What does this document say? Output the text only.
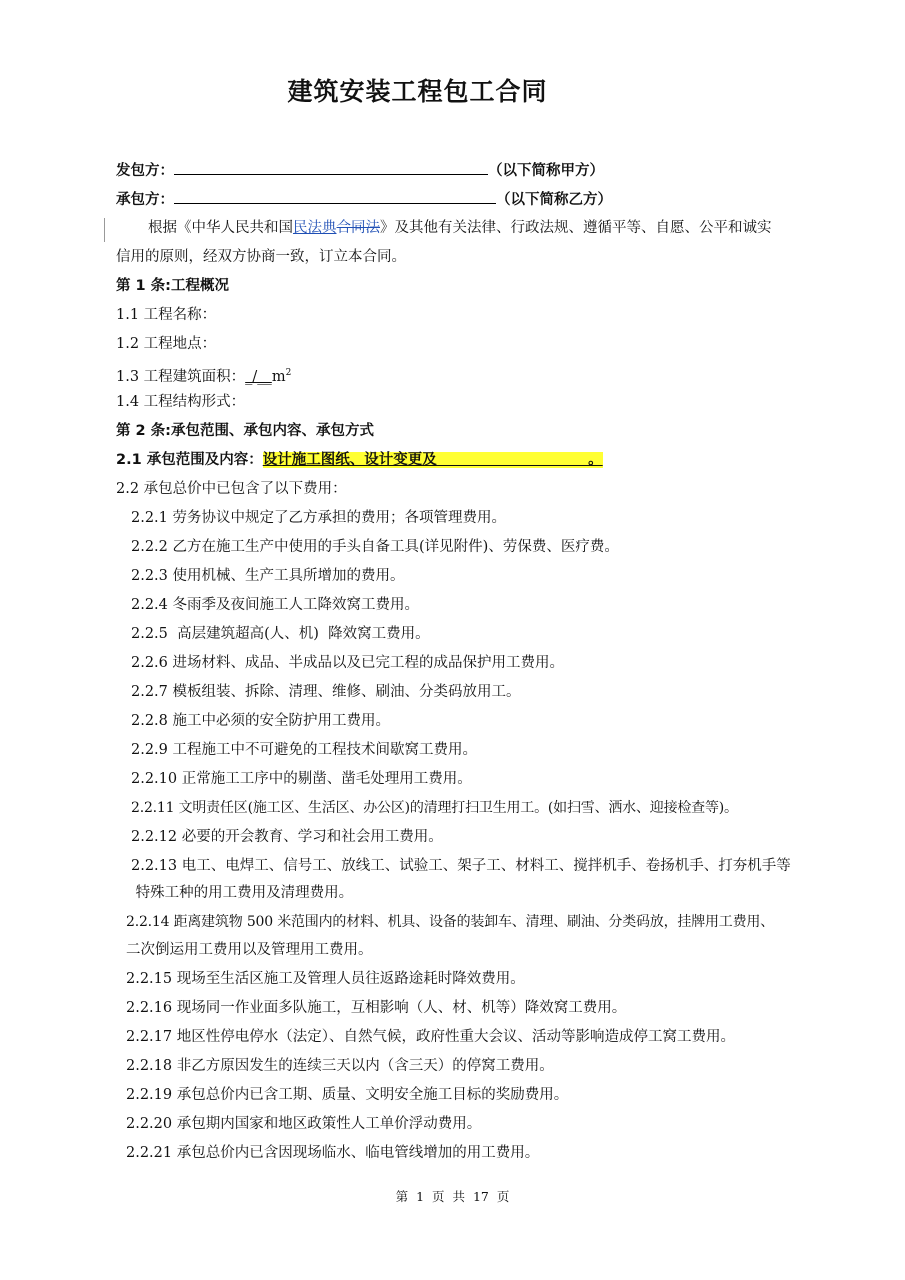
建筑安装工程包工合同
发包方：	（以下简称甲方）
承包方：	（以下简称乙方）
根据《中华人民共和国民法典合同法》及其他有关法律、行政法规、遵循平等、自愿、公平和诚实
信用的原则，经双方协商一致，订立本合同。
第 1 条:工程概况
1.1 工程名称：
1.2 工程地点：
1.3 工程建筑面积：$\_/\_\_m^2$
1.4 工程结构形式：
第 2 条:承包范围、承包内容、承包方式
2.1 承包范围及内容：设计施工图纸、设计变更及                              。
2.2 承包总价中已包含了以下费用：
2.2.1 劳务协议中规定了乙方承担的费用；各项管理费用。
2.2.2 乙方在施工生产中使用的手头自备工具(详见附件)、劳保费、医疗费。
2.2.3 使用机械、生产工具所增加的费用。
2.2.4 冬雨季及夜间施工人工降效窝工费用。
2.2.5  高层建筑超高(人、机)  降效窝工费用。
2.2.6 进场材料、成品、半成品以及已完工程的成品保护用工费用。
2.2.7 模板组装、拆除、清理、维修、刷油、分类码放用工。
2.2.8 施工中必须的安全防护用工费用。
2.2.9 工程施工中不可避免的工程技术间歇窝工费用。
2.2.10 正常施工工序中的剔凿、凿毛处理用工费用。
2.2.11 文明责任区(施工区、生活区、办公区)的清理打扫卫生用工。(如扫雪、洒水、迎接检查等)。
2.2.12 必要的开会教育、学习和社会用工费用。
2.2.13 电工、电焊工、信号工、放线工、试验工、架子工、材料工、搅拌机手、卷扬机手、打夯机手等
特殊工种的用工费用及清理费用。
2.2.14 距离建筑物 500 米范围内的材料、机具、设备的装卸车、清理、刷油、分类码放，挂牌用工费用、
二次倒运用工费用以及管理用工费用。
2.2.15 现场至生活区施工及管理人员往返路途耗时降效费用。
2.2.16 现场同一作业面多队施工，互相影响（人、材、机等）降效窝工费用。
2.2.17 地区性停电停水（法定）、自然气候，政府性重大会议、活动等影响造成停工窝工费用。
2.2.18 非乙方原因发生的连续三天以内（含三天）的停窝工费用。
2.2.19 承包总价内已含工期、质量、文明安全施工目标的奖励费用。
2.2.20 承包期内国家和地区政策性人工单价浮动费用。
2.2.21 承包总价内已含因现场临水、临电管线增加的用工费用。
第 1 页 共 17 页
